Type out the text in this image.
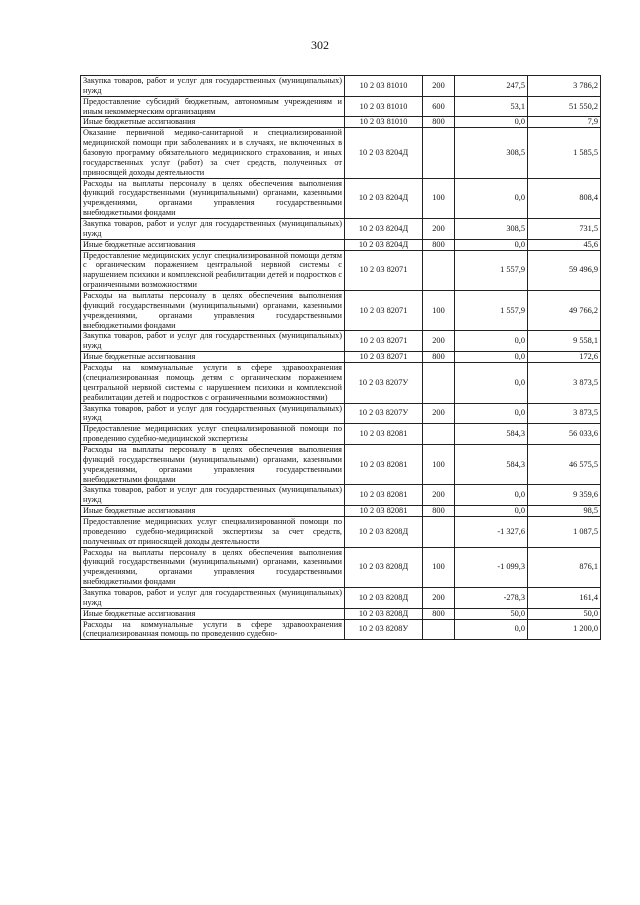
302
Закупка товаров, работ и услуг для государственных (муниципальных) нужд	10 2 03 81010	200	247,5	3 786,2
Предоставление субсидий бюджетным, автономным учреждениям и иным некоммерческим организациям	10 2 03 81010	600	53,1	51 550,2
Иные бюджетные ассигнования	10 2 03 81010	800	0,0	7,9
Оказание первичной медико-санитарной и специализированной медицинской помощи при заболеваниях и в случаях, не включенных в базовую программу обязательного медицинского страхования, и иных государственных услуг (работ) за счет средств, полученных от приносящей доходы деятельности	10 2 03 8204Д		308,5	1 585,5
Расходы на выплаты персоналу в целях обеспечения выполнения функций государственными (муниципальными) органами, казенными учреждениями, органами управления государственными внебюджетными фондами	10 2 03 8204Д	100	0,0	808,4
Закупка товаров, работ и услуг для государственных (муниципальных) нужд	10 2 03 8204Д	200	308,5	731,5
Иные бюджетные ассигнования	10 2 03 8204Д	800	0,0	45,6
Предоставление медицинских услуг специализированной помощи детям с органическим поражением центральной нервной системы с нарушением психики и комплексной реабилитации детей и подростков с ограниченными возможностями	10 2 03 82071		1 557,9	59 496,9
Расходы на выплаты персоналу в целях обеспечения выполнения функций государственными (муниципальными) органами, казенными учреждениями, органами управления государственными внебюджетными фондами	10 2 03 82071	100	1 557,9	49 766,2
Закупка товаров, работ и услуг для государственных (муниципальных) нужд	10 2 03 82071	200	0,0	9 558,1
Иные бюджетные ассигнования	10 2 03 82071	800	0,0	172,6
Расходы на коммунальные услуги в сфере здравоохранения (специализированная помощь детям с органическим поражением центральной нервной системы с нарушением психики и комплексной реабилитации детей и подростков с ограниченными возможностями)	10 2 03 8207У		0,0	3 873,5
Закупка товаров, работ и услуг для государственных (муниципальных) нужд	10 2 03 8207У	200	0,0	3 873,5
Предоставление медицинских услуг специализированной помощи по проведению судебно-медицинской экспертизы	10 2 03 82081		584,3	56 033,6
Расходы на выплаты персоналу в целях обеспечения выполнения функций государственными (муниципальными) органами, казенными учреждениями, органами управления государственными внебюджетными фондами	10 2 03 82081	100	584,3	46 575,5
Закупка товаров, работ и услуг для государственных (муниципальных) нужд	10 2 03 82081	200	0,0	9 359,6
Иные бюджетные ассигнования	10 2 03 82081	800	0,0	98,5
Предоставление медицинских услуг специализированной помощи по проведению судебно-медицинской экспертизы за счет средств, полученных от приносящей доходы деятельности	10 2 03 8208Д		-1 327,6	1 087,5
Расходы на выплаты персоналу в целях обеспечения выполнения функций государственными (муниципальными) органами, казенными учреждениями, органами управления государственными внебюджетными фондами	10 2 03 8208Д	100	-1 099,3	876,1
Закупка товаров, работ и услуг для государственных (муниципальных) нужд	10 2 03 8208Д	200	-278,3	161,4
Иные бюджетные ассигнования	10 2 03 8208Д	800	50,0	50,0
Расходы на коммунальные услуги в сфере здравоохранения (специализированная помощь по проведению судебно-	10 2 03 8208У		0,0	1 200,0
